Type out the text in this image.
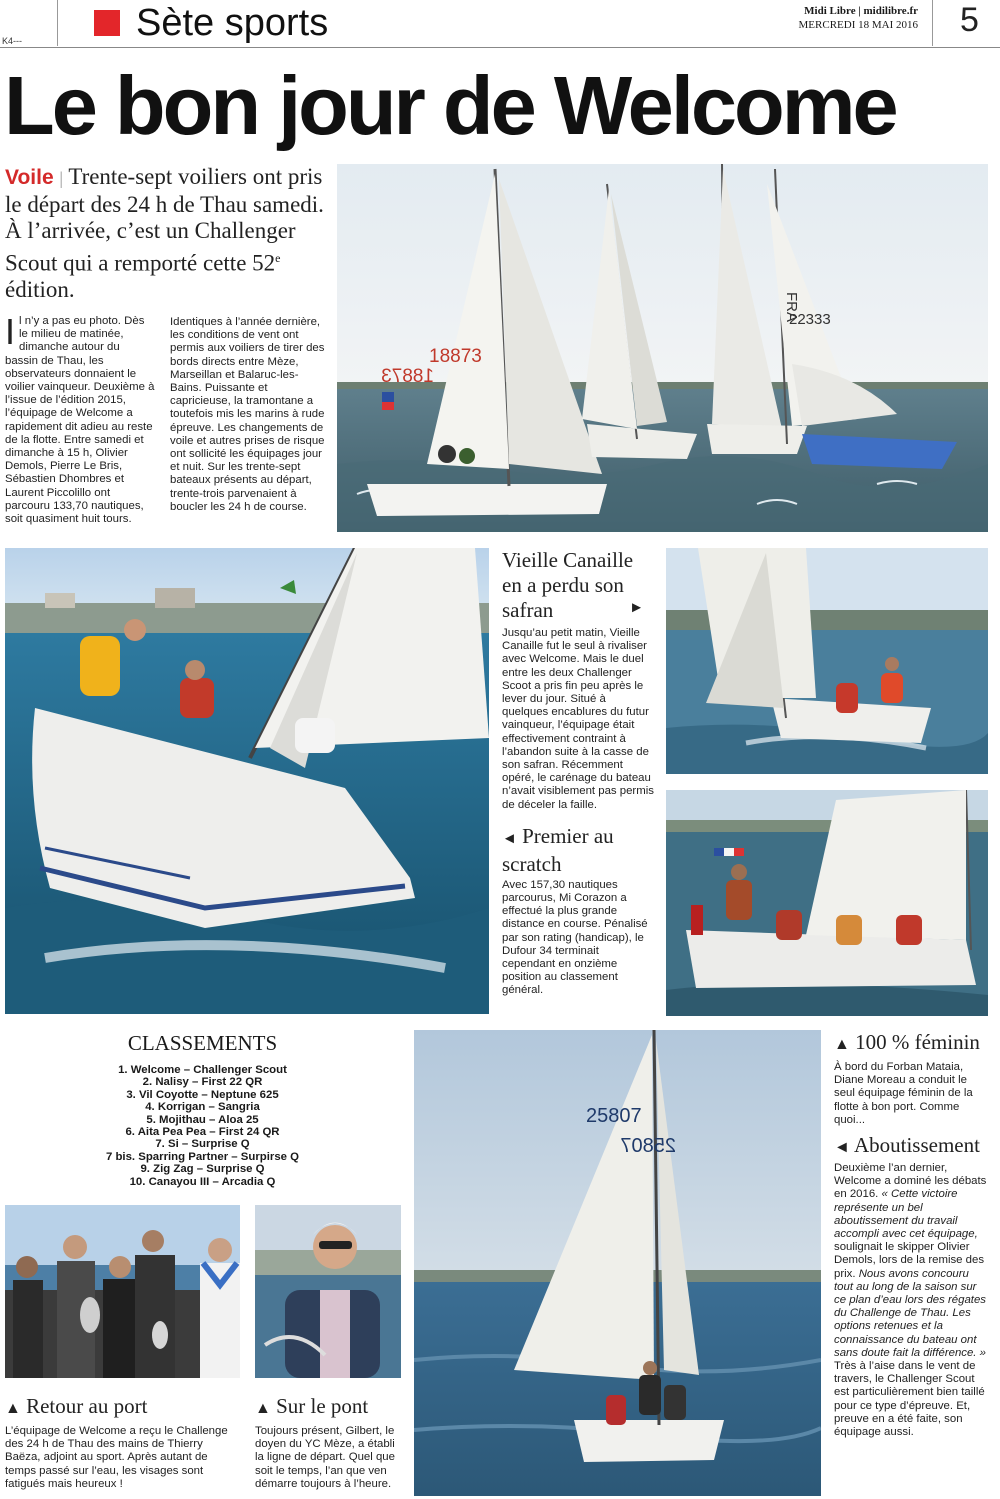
K4---	Sète sports	Midi Libre | midilibre.fr
MERCREDI 18 MAI 2016 5
Le bon jour de Welcome
Voile | Trente-sept voiliers ont pris le départ des 24 h de Thau samedi. À l’arrivée, c’est un Challenger Scout qui a remporté cette 52e édition.
Il n’y a pas eu photo. Dès le milieu de matinée, dimanche autour du bassin de Thau, les observateurs donnaient le voilier vainqueur. Deuxième à l’issue de l’édition 2015, l’équipage de Welcome a rapidement dit adieu au reste de la flotte. Entre samedi et dimanche à 15 h, Olivier Demols, Pierre Le Bris, Sébastien Dhombres et Laurent Piccolillo ont parcouru 133,70 nautiques, soit quasiment huit tours.
Identiques à l’année dernière, les conditions de vent ont permis aux voiliers de tirer des bords directs entre Mèze, Marseillan et Balaruc-les-Bains. Puissante et capricieuse, la tramontane a toutefois mis les marins à rude épreuve. Les changements de voile et autres prises de risque ont sollicité les équipages jour et nuit. Sur les trente-sept bateaux présents au départ, trente-trois parvenaient à boucler les 24 h de course.
18873
18873
FRA
22333
Vieille Canaille en a perdu son safran	►
Jusqu’au petit matin, Vieille Canaille fut le seul à rivaliser avec Welcome. Mais le duel entre les deux Challenger Scoot a pris fin peu après le lever du jour. Situé à quelques encablures du futur vainqueur, l’équipage était effectivement contraint à l’abandon suite à la casse de son safran. Récemment opéré, le carénage du bateau n’avait visiblement pas permis de déceler la faille.
◄ Premier au scratch
Avec 157,30 nautiques parcourus, Mi Corazon a effectué la plus grande distance en course. Pénalisé par son rating (handicap), le Dufour 34 terminait cependant en onzième position au classement général.
CLASSEMENTS
1. Welcome – Challenger Scout
2. Nalisy – First 22 QR
3. Vil Coyotte – Neptune 625
4. Korrigan – Sangria
5. Mojithau – Aloa 25
6. Aita Pea Pea – First 24 QR
7. Si – Surprise Q
7 bis. Sparring Partner – Surpirse Q
9. Zig Zag – Surprise Q
10. Canayou III – Arcadia Q
▲ Retour au port
L’équipage de Welcome a reçu le Challenge des 24 h de Thau des mains de Thierry Baëza, adjoint au sport. Après autant de temps passé sur l’eau, les visages sont fatigués mais heureux !
▲ Sur le pont
Toujours présent, Gilbert, le doyen du YC Mèze, a établi la ligne de départ. Quel que soit le temps, l’an que ven démarre toujours à l’heure.
25807
25807
▲ 100 % féminin
À bord du Forban Mataia, Diane Moreau a conduit le seul équipage féminin de la flotte à bon port. Comme quoi...
◄ Aboutissement
Deuxième l’an dernier, Welcome a dominé les débats en 2016. « Cette victoire représente un bel aboutissement du travail accompli avec cet équipage, soulignait le skipper Olivier Demols, lors de la remise des prix. Nous avons concouru tout au long de la saison sur ce plan d’eau lors des régates du Challenge de Thau. Les options retenues et la connaissance du bateau ont sans doute fait la différence. »
Très à l’aise dans le vent de travers, le Challenger Scout est particulièrement bien taillé pour ce type d’épreuve. Et, preuve en a été faite, son équipage aussi.
